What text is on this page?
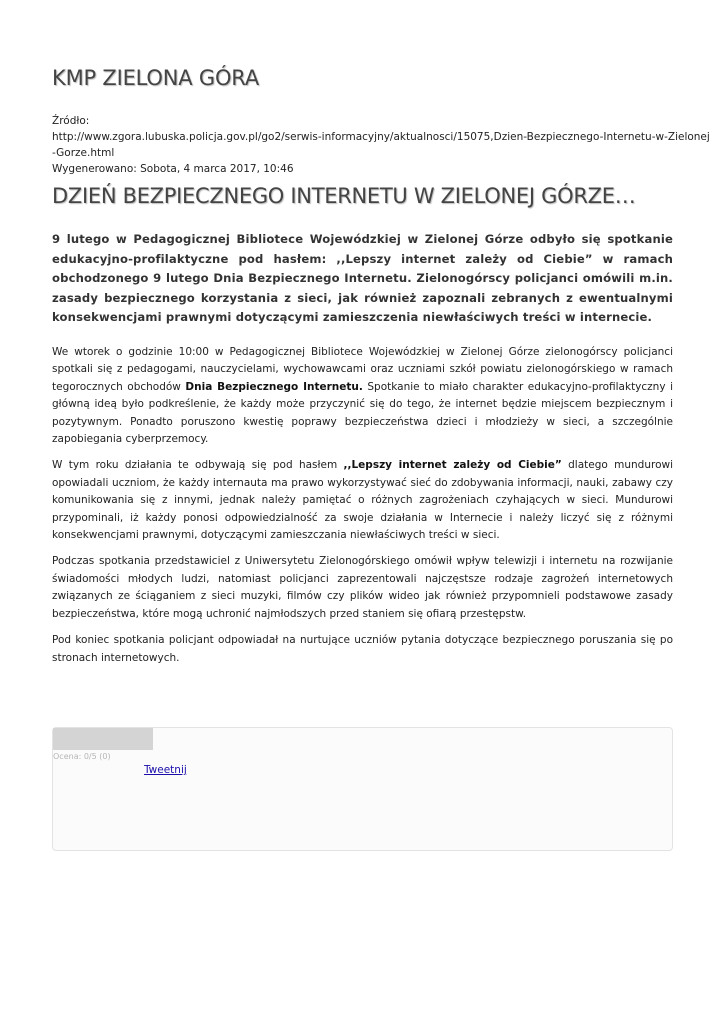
KMP ZIELONA GÓRA
Źródło:
http://www.zgora.lubuska.policja.gov.pl/go2/serwis-informacyjny/aktualnosci/15075,Dzien-Bezpiecznego-Internetu-w-Zielonej
-Gorze.html
Wygenerowano: Sobota, 4 marca 2017, 10:46
DZIEŃ BEZPIECZNEGO INTERNETU W ZIELONEJ GÓRZE…

9 lutego w Pedagogicznej Bibliotece Wojewódzkiej w Zielonej Górze odbyło się spotkanie edukacyjno-profilaktyczne pod hasłem: ,,Lepszy internet zależy od Ciebie” w ramach obchodzonego 9 lutego Dnia Bezpiecznego Internetu. Zielonogórscy policjanci omówili m.in. zasady bezpiecznego korzystania z sieci, jak również zapoznali zebranych z ewentualnymi konsekwencjami prawnymi dotyczącymi zamieszczenia niewłaściwych treści w internecie.

We wtorek o godzinie 10:00 w Pedagogicznej Bibliotece Wojewódzkiej w Zielonej Górze zielonogórscy policjanci spotkali się z pedagogami, nauczycielami, wychowawcami oraz uczniami szkół powiatu zielonogórskiego w ramach tegorocznych obchodów Dnia Bezpiecznego Internetu. Spotkanie to miało charakter edukacyjno-profilaktyczny i główną ideą było podkreślenie, że każdy może przyczynić się do tego, że internet będzie miejscem bezpiecznym i pozytywnym. Ponadto poruszono kwestię poprawy bezpieczeństwa dzieci i młodzieży w sieci, a szczególnie zapobiegania cyberprzemocy.

W tym roku działania te odbywają się pod hasłem ,,Lepszy internet zależy od Ciebie” dlatego mundurowi opowiadali uczniom, że każdy internauta ma prawo wykorzystywać sieć do zdobywania informacji, nauki, zabawy czy komunikowania się z innymi, jednak należy pamiętać o różnych zagrożeniach czyhających w sieci. Mundurowi przypominali, iż każdy ponosi odpowiedzialność za swoje działania w Internecie i należy liczyć się z różnymi konsekwencjami prawnymi, dotyczącymi zamieszczania niewłaściwych treści w sieci.

Podczas spotkania przedstawiciel z Uniwersytetu Zielonogórskiego omówił wpływ telewizji i internetu na rozwijanie świadomości młodych ludzi, natomiast policjanci zaprezentowali najczęstsze rodzaje zagrożeń internetowych związanych ze ściąganiem z sieci muzyki, filmów czy plików wideo jak również przypomnieli podstawowe zasady bezpieczeństwa, które mogą uchronić najmłodszych przed staniem się ofiarą przestępstw.

Pod koniec spotkania policjant odpowiadał na nurtujące uczniów pytania dotyczące bezpiecznego poruszania się po stronach internetowych.

Ocena: 0/5 (0)
Tweetnij
